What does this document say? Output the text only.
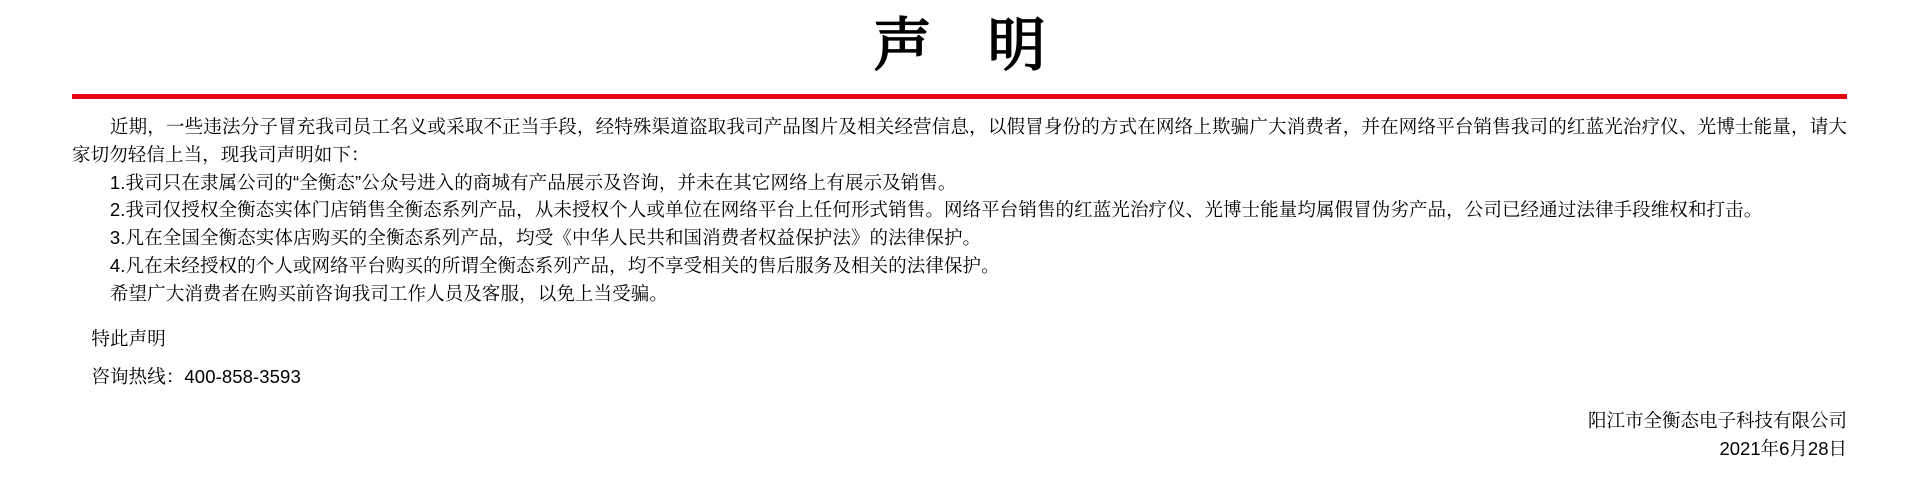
声 明

近期，一些违法分子冒充我司员工名义或采取不正当手段，经特殊渠道盗取我司产品图片及相关经营信息，以假冒身份的方式在网络上欺骗广大消费者，并在网络平台销售我司的红蓝光治疗仪、光博士能量，请大家切勿轻信上当，现我司声明如下：

1.我司只在隶属公司的“全衡态”公众号进入的商城有产品展示及咨询，并未在其它网络上有展示及销售。

2.我司仅授权全衡态实体门店销售全衡态系列产品，从未授权个人或单位在网络平台上任何形式销售。网络平台销售的红蓝光治疗仪、光博士能量均属假冒伪劣产品，公司已经通过法律手段维权和打击。

3.凡在全国全衡态实体店购买的全衡态系列产品，均受《中华人民共和国消费者权益保护法》的法律保护。

4.凡在未经授权的个人或网络平台购买的所谓全衡态系列产品，均不享受相关的售后服务及相关的法律保护。

希望广大消费者在购买前咨询我司工作人员及客服，以免上当受骗。

特此声明

咨询热线：400-858-3593

阳江市全衡态电子科技有限公司
2021年6月28日
